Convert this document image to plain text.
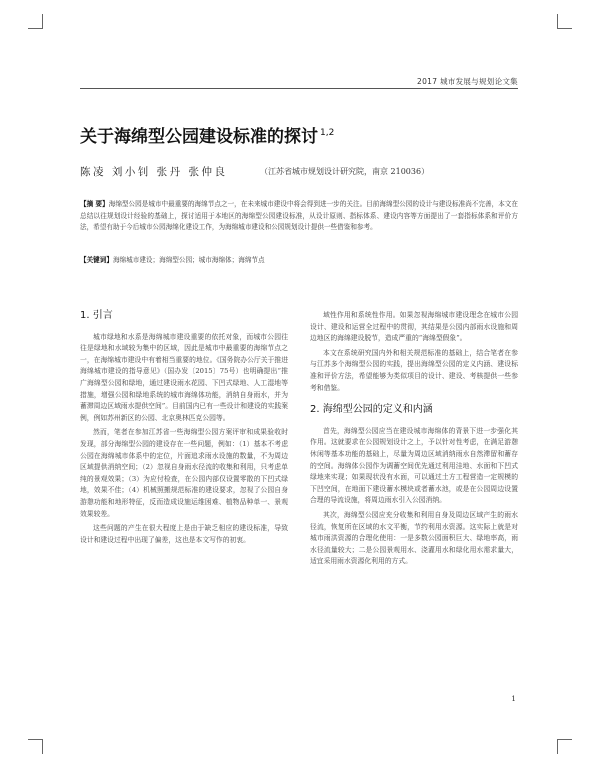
2017 城市发展与规划论文集
关于海绵型公园建设标准的探讨 $^{1,2}$
陈凌 刘小钊 张丹 张仲良	（江苏省城市规划设计研究院，南京 210036）
【摘 要】海绵型公园是城市中最重要的海绵节点之一，在未来城市建设中将会得到进一步的关注。目前海绵型公园的设计与建设标准尚不完善，本文在总结以往规划设计经验的基础上，探讨适用于本地区的海绵型公园建设标准，从设计原则、指标体系、建设内容等方面提出了一套指标体系和评价方法，希望有助于今后城市公园海绵化建设工作，为海绵城市建设和公园规划设计提供一些借鉴和参考。
【关键词】海绵城市建设；海绵型公园；城市海绵体；海绵节点
1. 引言

城市绿地和水系是海绵城市建设重要的依托对象，而城市公园往往是绿地和水域较为集中的区域，因此是城市中最重要的海绵节点之一，在海绵城市建设中有着相当重要的地位。《国务院办公厅关于推进海绵城市建设的指导意见》（国办发〔2015〕75号）也明确提出“推广海绵型公园和绿地，通过建设雨水花园、下凹式绿地、人工湿地等措施，增强公园和绿地系统的城市海绵体功能，消纳自身雨水，并为蓄滞周边区域雨水提供空间”。目前国内已有一些设计和建设的实践案例，例如苏州新区的公园、北京奥林匹克公园等。

然而，笔者在参加江苏省一些海绵型公园方案评审和成果验收时发现，部分海绵型公园的建设存在一些问题，例如：（1）基本不考虑公园在海绵城市体系中的定位，片面追求雨水设施的数量，不为周边区域提供消纳空间；（2）忽视自身雨水径流的收集和利用，只考虑单纯的景观效果；（3）为应付检查，在公园内部仅设置零散的下凹式绿地，效果不佳；（4）机械照搬规范标准的建设要求，忽视了公园自身游憩功能和地形特征，反而造成设施运维困难、植物品种单一、景观效果较差。

这些问题的产生在很大程度上是由于缺乏相应的建设标准，导致设计和建设过程中出现了偏差，这也是本文写作的初衷。

域性作用和系统性作用。如果忽视海绵城市建设理念在城市公园设计、建设和运营全过程中的贯彻，其结果是公园内部雨水设施和周边地区的海绵建设脱节，造成严重的“海绵型假象”。

本文在系统研究国内外和相关规范标准的基础上，结合笔者在参与江苏多个海绵型公园的实践，提出海绵型公园的定义内涵、建设标准和评价方法，希望能够为类似项目的设计、建设、考核提供一些参考和借鉴。

2. 海绵型公园的定义和内涵

首先，海绵型公园应当在建设城市海绵体的背景下进一步强化其作用。这就要求在公园规划设计之上，予以针对性考虑，在满足游憩休闲等基本功能的基础上，尽量为周边区域消纳雨水自然滞留和蓄存的空间。海绵体公园作为调蓄空间优先通过利用洼地、水面和下凹式绿地来实现；如果现状没有水面，可以通过土方工程营造一定规模的下凹空间，在地面下建设蓄水模块或者蓄水池，或是在公园周边设置合理的导流设施，将周边雨水引入公园消纳。

其次，海绵型公园应充分收集和利用自身及周边区域产生的雨水径流，恢复所在区域的水文平衡，节约利用水资源。这实际上就是对城市雨洪资源的合理化使用：一是多数公园面积巨大、绿地率高，雨水径流量较大；二是公园景观用水、浇灌用水和绿化用水需求量大，适宜采用雨水资源化利用的方式。

1
